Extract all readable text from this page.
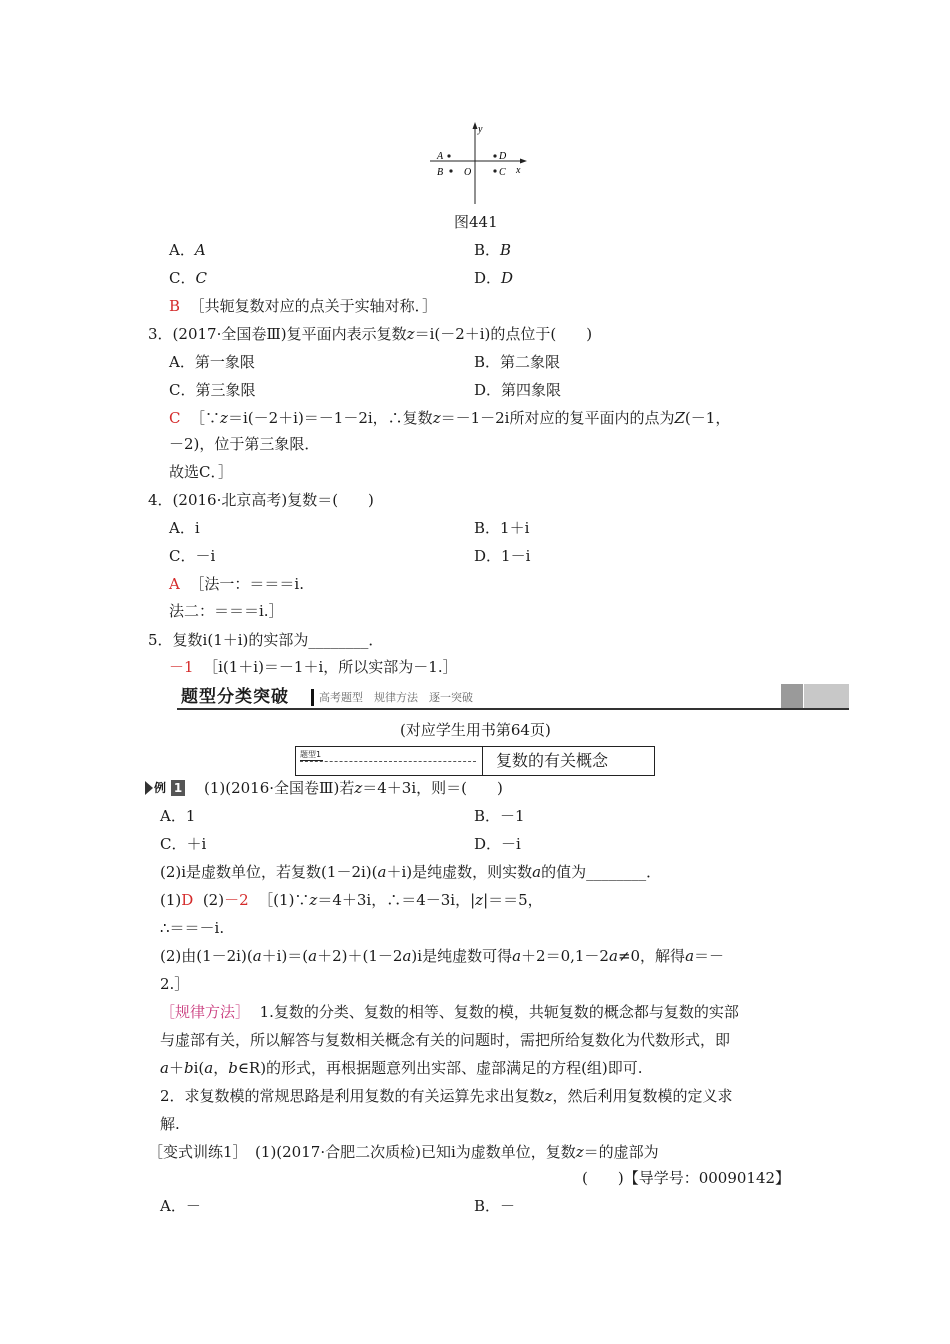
y
x
O
A
B
D
C
图441
A．A	B．B
C．C	D．D
B ［共轭复数对应的点关于实轴对称．］
3．(2017·全国卷Ⅲ)复平面内表示复数z＝i(－2＋i)的点位于(　　)
A．第一象限	B．第二象限
C．第三象限	D．第四象限
C ［∵z＝i(－2＋i)＝－1－2i，∴复数z＝－1－2i所对应的复平面内的点为Z(－1，
－2)，位于第三象限．
故选C．］
4．(2016·北京高考)复数＝(　　)
A．i	B．1＋i
C．－i	D．1－i
A ［法一：＝＝＝i.
法二：＝＝＝i.］
5．复数i(1＋i)的实部为________．
－1 ［i(1＋i)＝－1＋i，所以实部为－1.］
题型分类突破	高考题型　规律方法　逐一突破
(对应学生用书第64页)
题型1	复数的有关概念
例 1 (1)(2016·全国卷Ⅲ)若z＝4＋3i，则＝(　　)
A．1	B．－1
C．＋i	D．－i
(2)i是虚数单位，若复数(1－2i)(a＋i)是纯虚数，则实数a的值为________．
(1)D (2)－2 ［(1)∵z＝4＋3i，∴＝4－3i，|z|＝＝5，
∴＝＝－i.
(2)由(1－2i)(a＋i)＝(a＋2)＋(1－2a)i是纯虚数可得a＋2＝0,1－2a≠0，解得a＝－
2.］
［规律方法］ 1.复数的分类、复数的相等、复数的模，共轭复数的概念都与复数的实部
与虚部有关，所以解答与复数相关概念有关的问题时，需把所给复数化为代数形式，即
a＋bi(a，b∈R)的形式，再根据题意列出实部、虚部满足的方程(组)即可.
2．求复数模的常规思路是利用复数的有关运算先求出复数z，然后利用复数模的定义求
解.
［变式训练1］　(1)(2017·合肥二次质检)已知i为虚数单位，复数z＝的虚部为
(　　)【导学号：00090142】
A．－	B．－
